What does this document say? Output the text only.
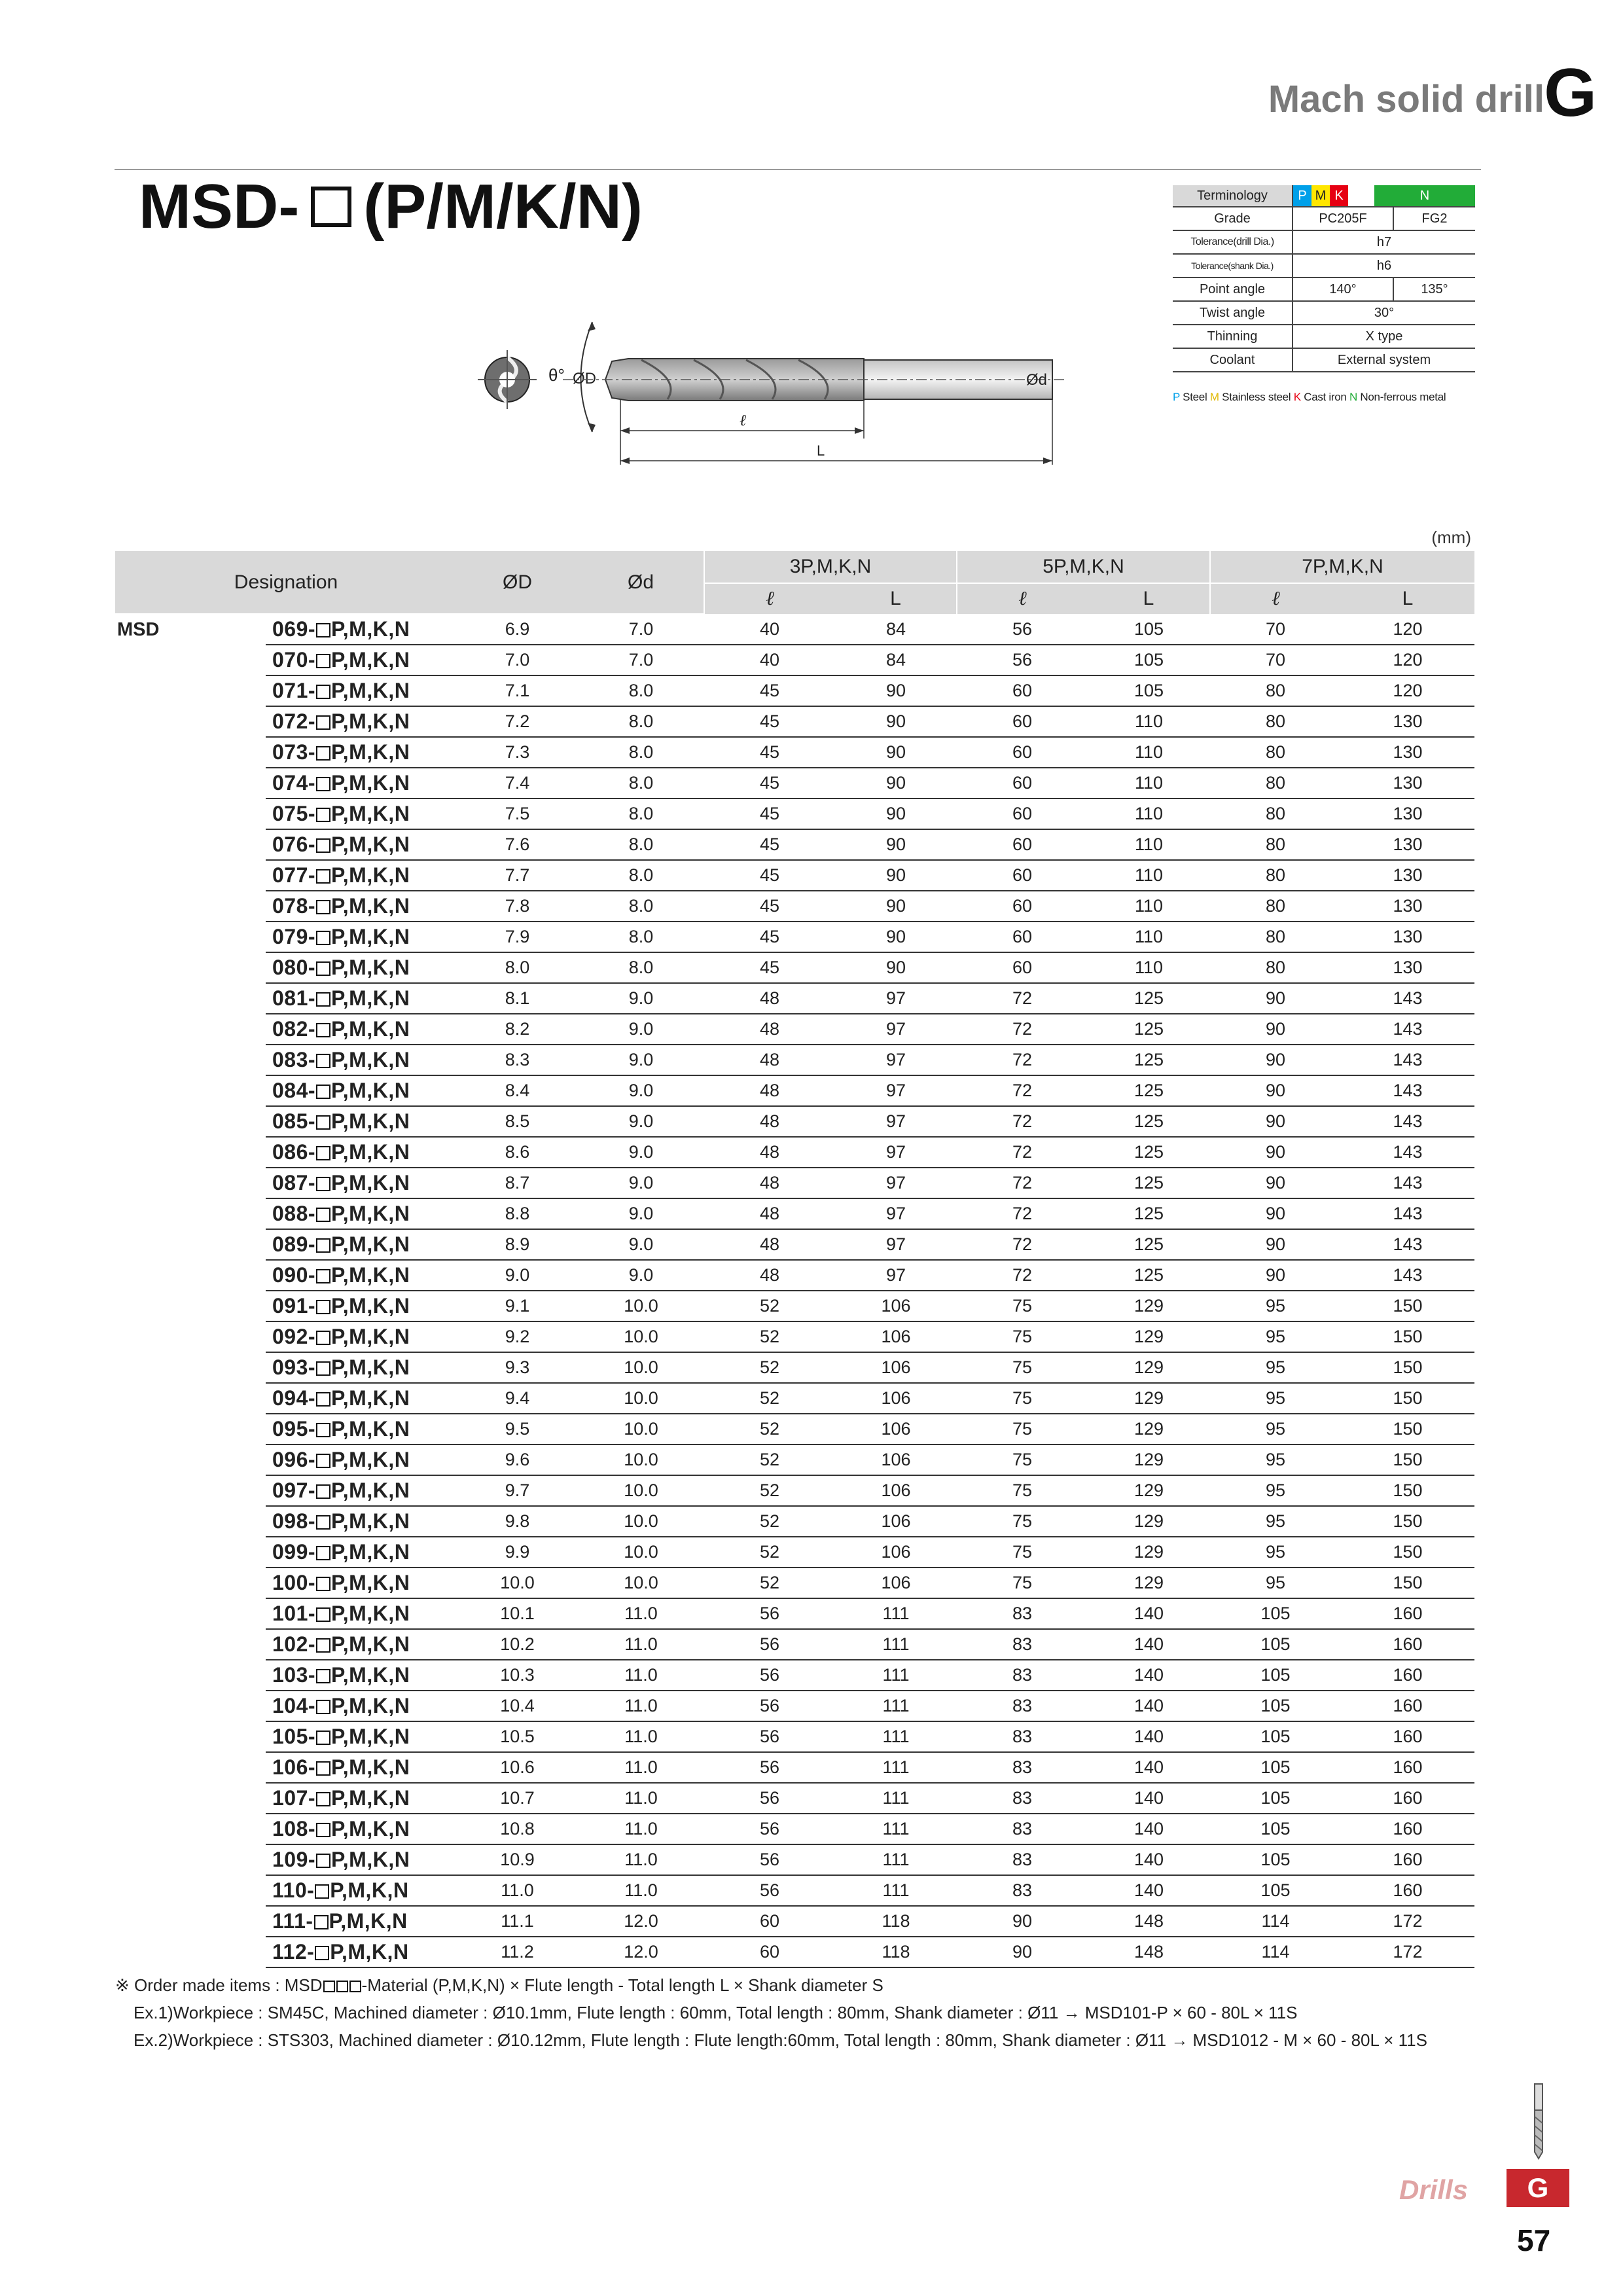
Mach solid drill G
MSD- (P/M/K/N)
θ° ØD	Ød
ℓ
L
Terminology	P M K N	

Grade	PC205F	FG2
Tolerance(drill Dia.)	h7	
Tolerance(shank Dia.)	h6	
Point angle	140°	135°
Twist angle	30°	
Thinning	X type	
Coolant	External system	
P Steel M Stainless steel K Cast iron N Non-ferrous metal
(mm)
Designation		ØD	Ød	3P,M,K,N		5P,M,K,N		7P,M,K,N	
				ℓ	L	ℓ	L	ℓ	L
MSD	069- P,M,K,N	6.9	7.0	40	84	56	105	70	120
	070- P,M,K,N	7.0	7.0	40	84	56	105	70	120
	071- P,M,K,N	7.1	8.0	45	90	60	105	80	120
	072- P,M,K,N	7.2	8.0	45	90	60	110	80	130
	073- P,M,K,N	7.3	8.0	45	90	60	110	80	130
	074- P,M,K,N	7.4	8.0	45	90	60	110	80	130
	075- P,M,K,N	7.5	8.0	45	90	60	110	80	130
	076- P,M,K,N	7.6	8.0	45	90	60	110	80	130
	077- P,M,K,N	7.7	8.0	45	90	60	110	80	130
	078- P,M,K,N	7.8	8.0	45	90	60	110	80	130
	079- P,M,K,N	7.9	8.0	45	90	60	110	80	130
	080- P,M,K,N	8.0	8.0	45	90	60	110	80	130
	081- P,M,K,N	8.1	9.0	48	97	72	125	90	143
	082- P,M,K,N	8.2	9.0	48	97	72	125	90	143
	083- P,M,K,N	8.3	9.0	48	97	72	125	90	143
	084- P,M,K,N	8.4	9.0	48	97	72	125	90	143
	085- P,M,K,N	8.5	9.0	48	97	72	125	90	143
	086- P,M,K,N	8.6	9.0	48	97	72	125	90	143
	087- P,M,K,N	8.7	9.0	48	97	72	125	90	143
	088- P,M,K,N	8.8	9.0	48	97	72	125	90	143
	089- P,M,K,N	8.9	9.0	48	97	72	125	90	143
	090- P,M,K,N	9.0	9.0	48	97	72	125	90	143
	091- P,M,K,N	9.1	10.0	52	106	75	129	95	150
	092- P,M,K,N	9.2	10.0	52	106	75	129	95	150
	093- P,M,K,N	9.3	10.0	52	106	75	129	95	150
	094- P,M,K,N	9.4	10.0	52	106	75	129	95	150
	095- P,M,K,N	9.5	10.0	52	106	75	129	95	150
	096- P,M,K,N	9.6	10.0	52	106	75	129	95	150
	097- P,M,K,N	9.7	10.0	52	106	75	129	95	150
	098- P,M,K,N	9.8	10.0	52	106	75	129	95	150
	099- P,M,K,N	9.9	10.0	52	106	75	129	95	150
	100- P,M,K,N	10.0	10.0	52	106	75	129	95	150
	101- P,M,K,N	10.1	11.0	56	111	83	140	105	160
	102- P,M,K,N	10.2	11.0	56	111	83	140	105	160
	103- P,M,K,N	10.3	11.0	56	111	83	140	105	160
	104- P,M,K,N	10.4	11.0	56	111	83	140	105	160
	105- P,M,K,N	10.5	11.0	56	111	83	140	105	160
	106- P,M,K,N	10.6	11.0	56	111	83	140	105	160
	107- P,M,K,N	10.7	11.0	56	111	83	140	105	160
	108- P,M,K,N	10.8	11.0	56	111	83	140	105	160
	109- P,M,K,N	10.9	11.0	56	111	83	140	105	160
	110- P,M,K,N	11.0	11.0	56	111	83	140	105	160
	111- P,M,K,N	11.1	12.0	60	118	90	148	114	172
	112- P,M,K,N	11.2	12.0	60	118	90	148	114	172
※ Order made items : MSD -Material (P,M,K,N) × Flute length - Total length L × Shank diameter S
Ex.1)Workpiece : SM45C, Machined diameter : Ø10.1mm, Flute length : 60mm, Total length : 80mm, Shank diameter : Ø11 → MSD101-P × 60 - 80L × 11S
Ex.2)Workpiece : STS303, Machined diameter : Ø10.12mm, Flute length : Flute length:60mm, Total length : 80mm, Shank diameter : Ø11 → MSD1012 - M × 60 - 80L × 11S
Drills	G
57
